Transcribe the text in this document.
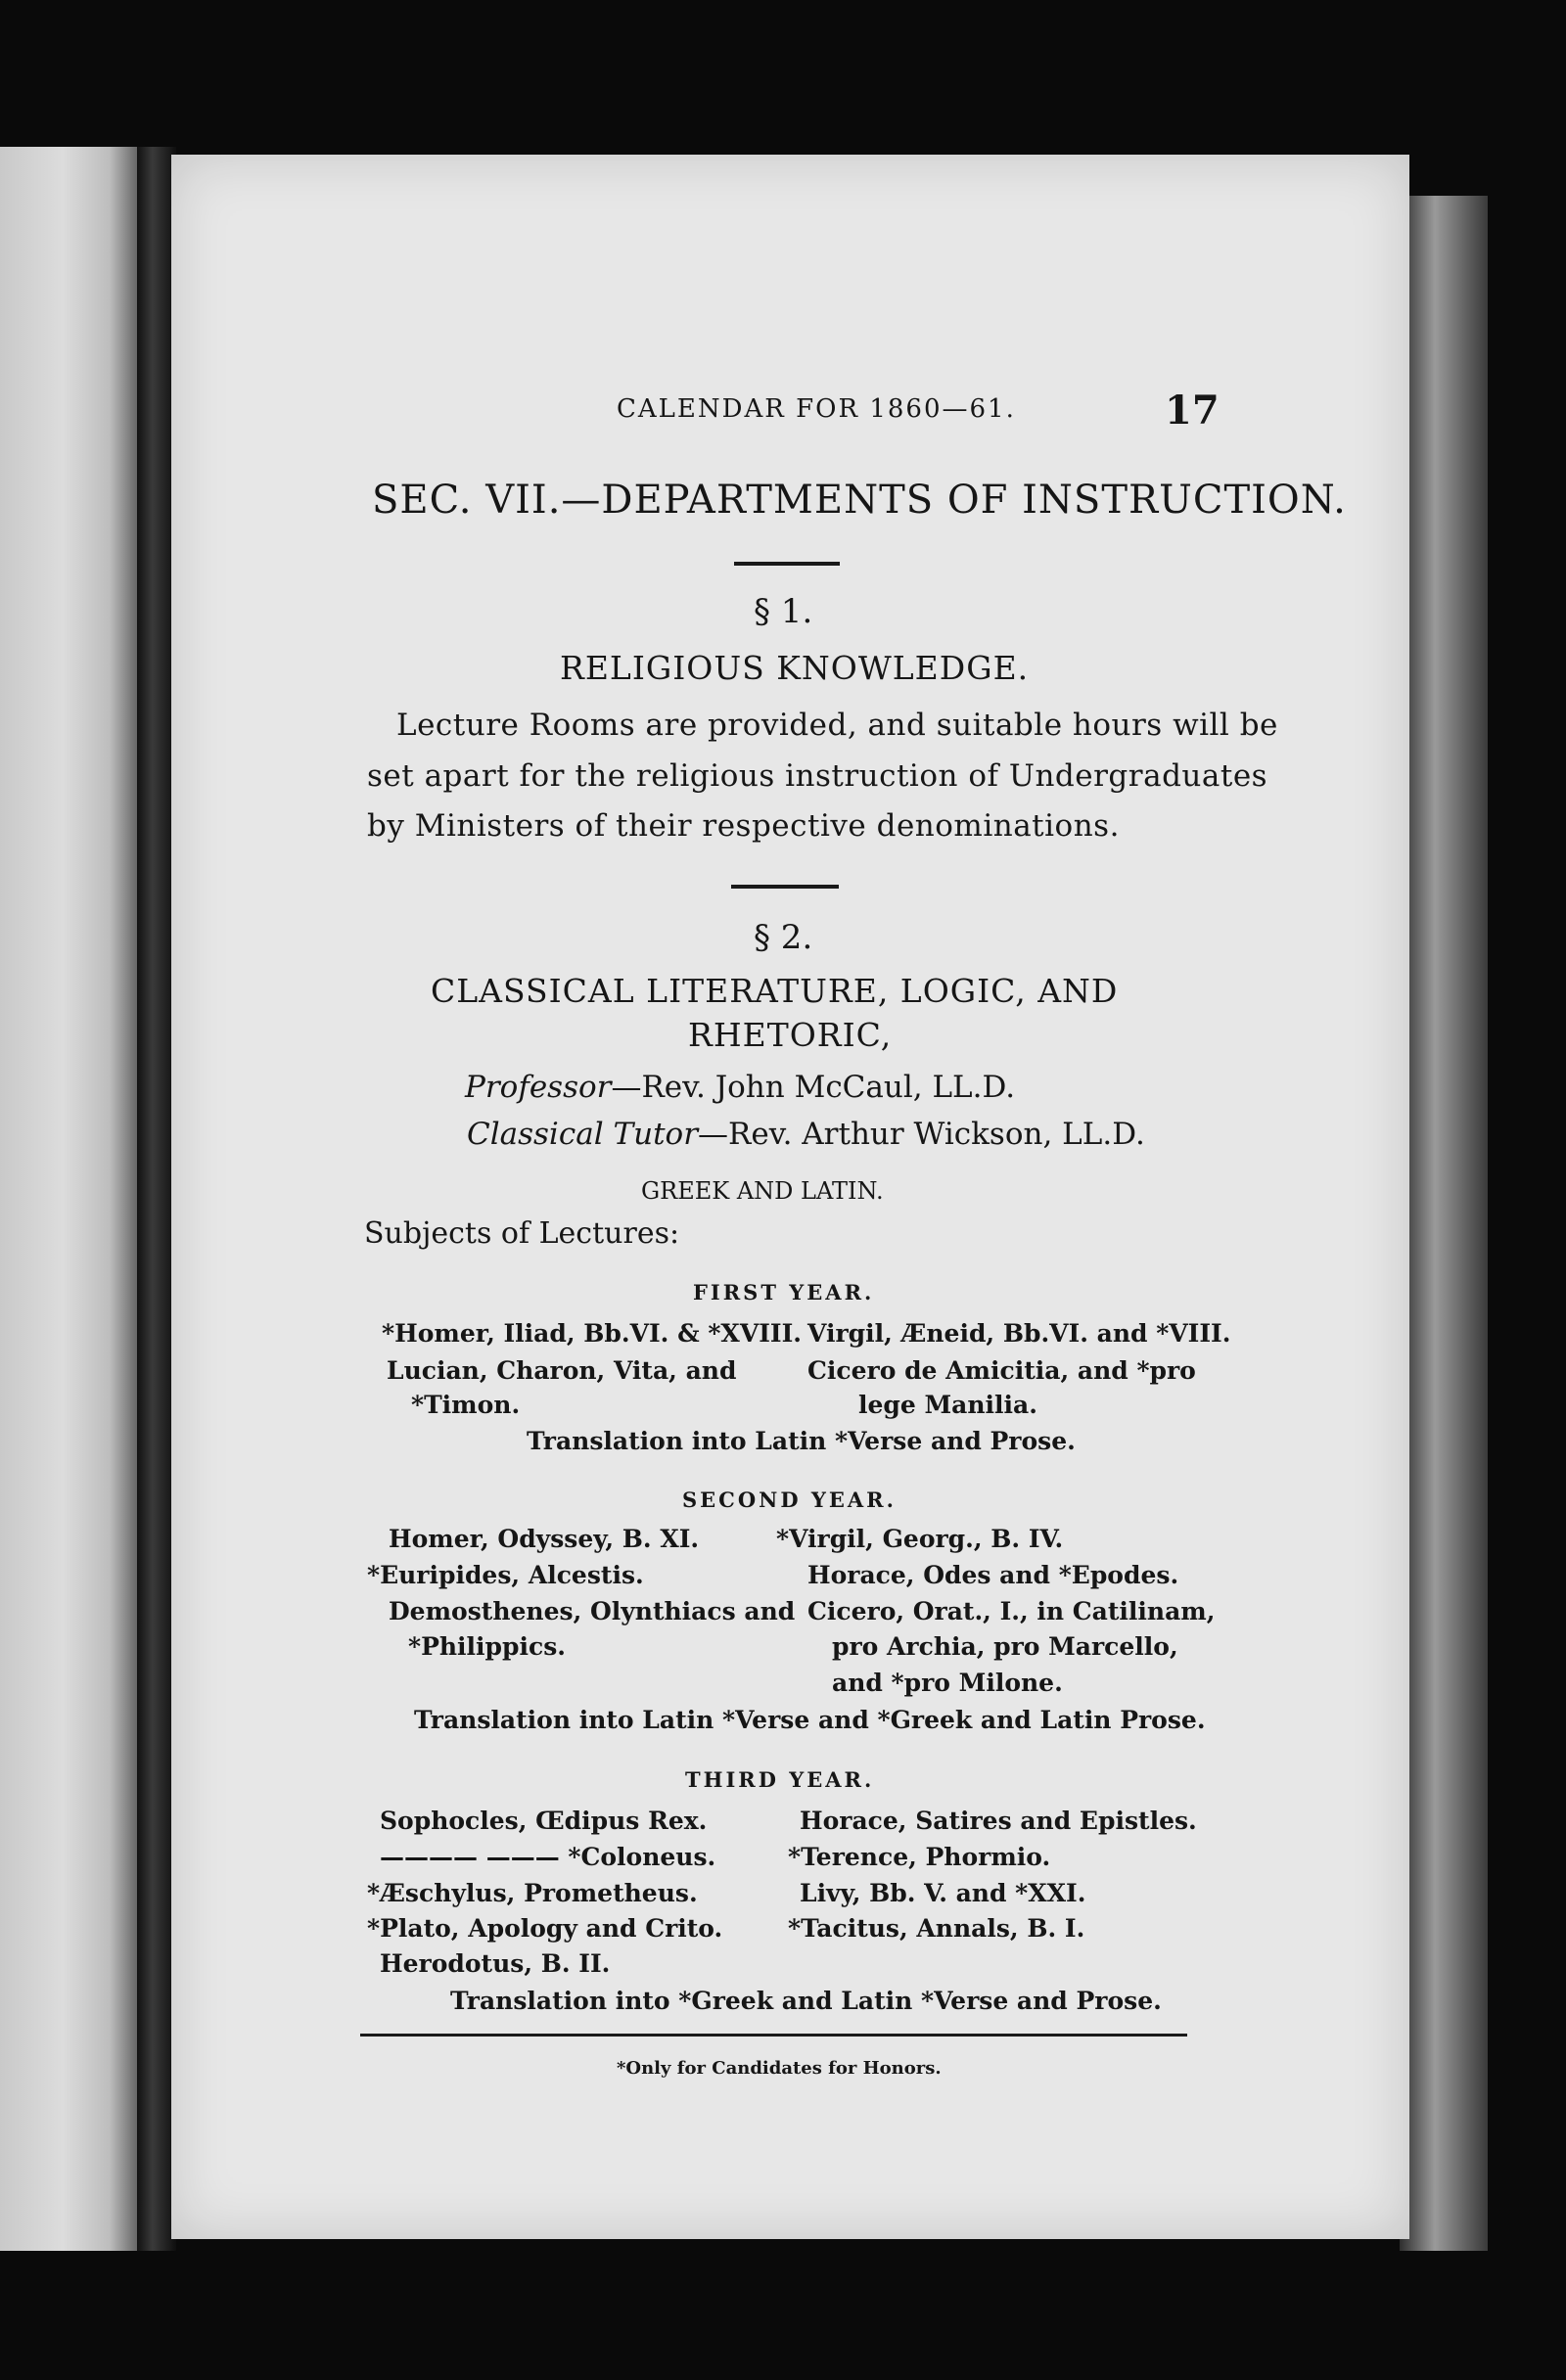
CALENDAR FOR 1860—61.	17
SEC. VII.—DEPARTMENTS OF INSTRUCTION.
§ 1.
RELIGIOUS KNOWLEDGE.
Lecture Rooms are provided, and suitable hours will be
set apart for the religious instruction of Undergraduates
by Ministers of their respective denominations.
§ 2.
CLASSICAL LITERATURE, LOGIC, AND
RHETORIC,
Professor—Rev. John McCaul, LL.D.
Classical Tutor—Rev. Arthur Wickson, LL.D.
GREEK AND LATIN.
Subjects of Lectures:
FIRST YEAR.
*Homer, Iliad, Bb.VI. & *XVIII.
Lucian, Charon, Vita, and
*Timon.
Virgil, Æneid, Bb.VI. and *VIII.
Cicero de Amicitia, and *pro
lege Manilia.
Translation into Latin *Verse and Prose.
SECOND YEAR.
Homer, Odyssey, B. XI.
*Euripides, Alcestis.
Demosthenes, Olynthiacs and
*Philippics.
*Virgil, Georg., B. IV.
Horace, Odes and *Epodes.
Cicero, Orat., I., in Catilinam,
pro Archia, pro Marcello,
and *pro Milone.
Translation into Latin *Verse and *Greek and Latin Prose.
THIRD YEAR.
Sophocles, Œdipus Rex.
———— ——— *Coloneus.
*Æschylus, Prometheus.
*Plato, Apology and Crito.
Herodotus, B. II.
Horace, Satires and Epistles.
*Terence, Phormio.
Livy, Bb. V. and *XXI.
*Tacitus, Annals, B. I.
Translation into *Greek and Latin *Verse and Prose.
*Only for Candidates for Honors.
